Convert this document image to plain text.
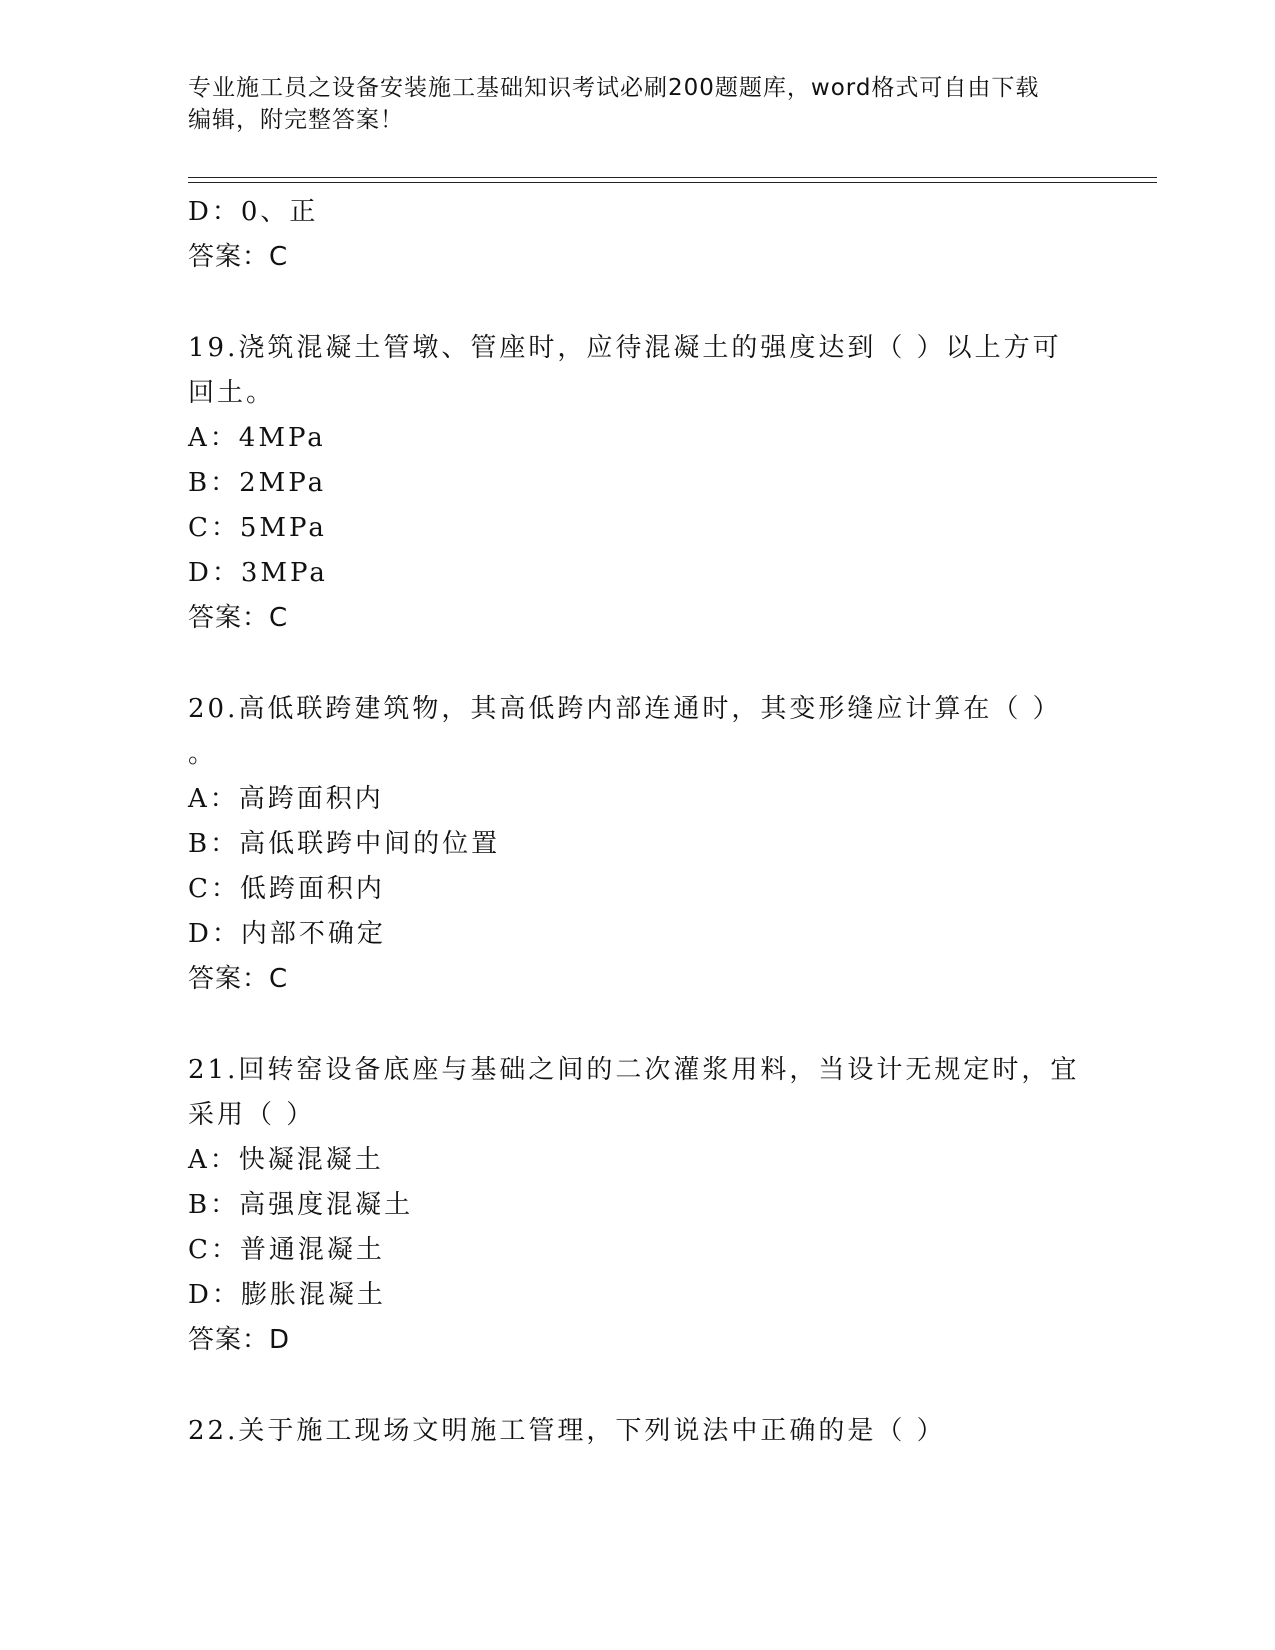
专业施工员之设备安装施工基础知识考试必刷200题题库，word格式可自由下载
编辑，附完整答案！
D：0、正
答案：C
19.浇筑混凝土管墩、管座时，应待混凝土的强度达到（ ）以上方可
回土。
A：4MPa
B：2MPa
C：5MPa
D：3MPa
答案：C
20.高低联跨建筑物，其高低跨内部连通时，其变形缝应计算在（ ）
。
A：高跨面积内
B：高低联跨中间的位置
C：低跨面积内
D：内部不确定
答案：C
21.回转窑设备底座与基础之间的二次灌浆用料，当设计无规定时，宜
采用（ ）
A：快凝混凝土
B：高强度混凝土
C：普通混凝土
D：膨胀混凝土
答案：D
22.关于施工现场文明施工管理，下列说法中正确的是（ ）
